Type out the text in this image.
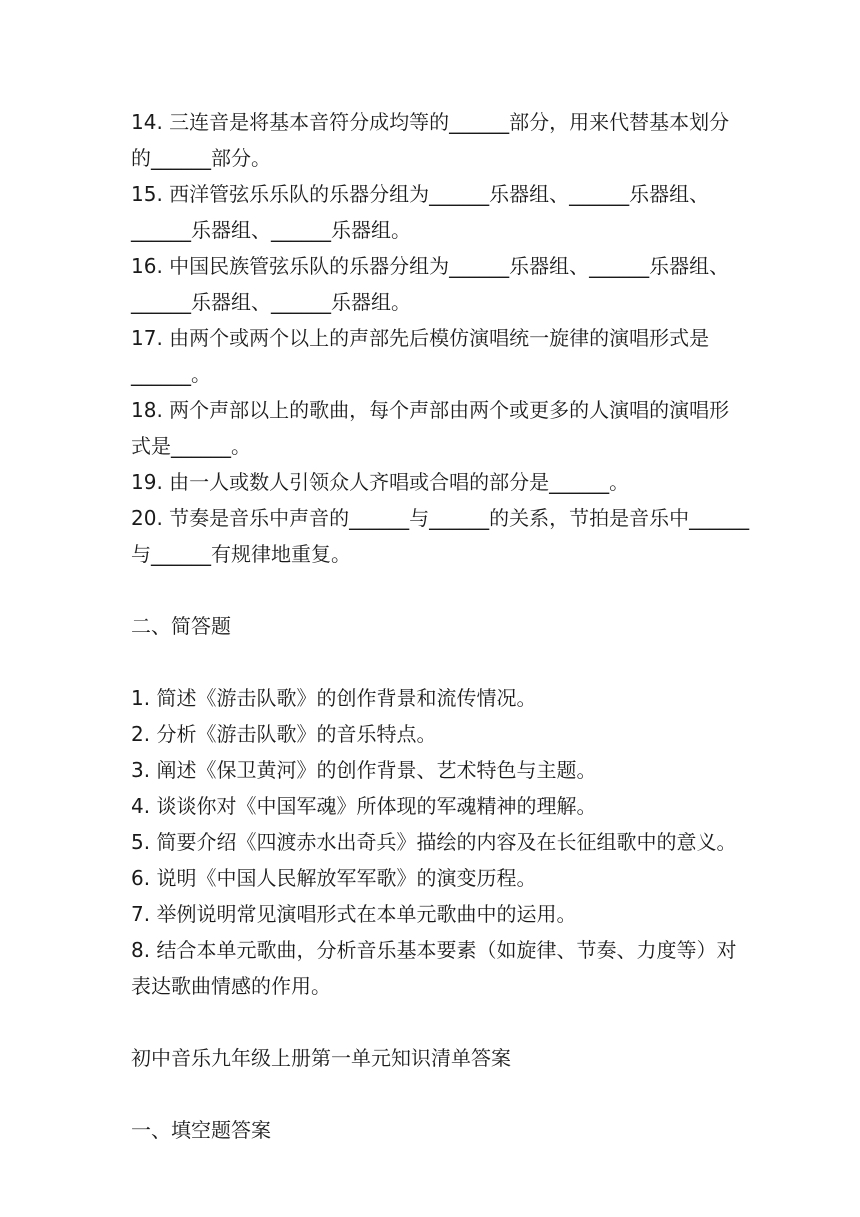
14. 三连音是将基本音符分成均等的______部分，用来代替基本划分
的______部分。
15. 西洋管弦乐乐队的乐器分组为______乐器组、______乐器组、
______乐器组、______乐器组。
16. 中国民族管弦乐队的乐器分组为______乐器组、______乐器组、
______乐器组、______乐器组。
17. 由两个或两个以上的声部先后模仿演唱统一旋律的演唱形式是
______。
18. 两个声部以上的歌曲，每个声部由两个或更多的人演唱的演唱形
式是______。
19. 由一人或数人引领众人齐唱或合唱的部分是______。
20. 节奏是音乐中声音的______与______的关系，节拍是音乐中______
与______有规律地重复。
二、简答题
1. 简述《游击队歌》的创作背景和流传情况。
2. 分析《游击队歌》的音乐特点。
3. 阐述《保卫黄河》的创作背景、艺术特色与主题。
4. 谈谈你对《中国军魂》所体现的军魂精神的理解。
5. 简要介绍《四渡赤水出奇兵》描绘的内容及在长征组歌中的意义。
6. 说明《中国人民解放军军歌》的演变历程。
7. 举例说明常见演唱形式在本单元歌曲中的运用。
8. 结合本单元歌曲，分析音乐基本要素（如旋律、节奏、力度等）对
表达歌曲情感的作用。
初中音乐九年级上册第一单元知识清单答案
一、填空题答案
